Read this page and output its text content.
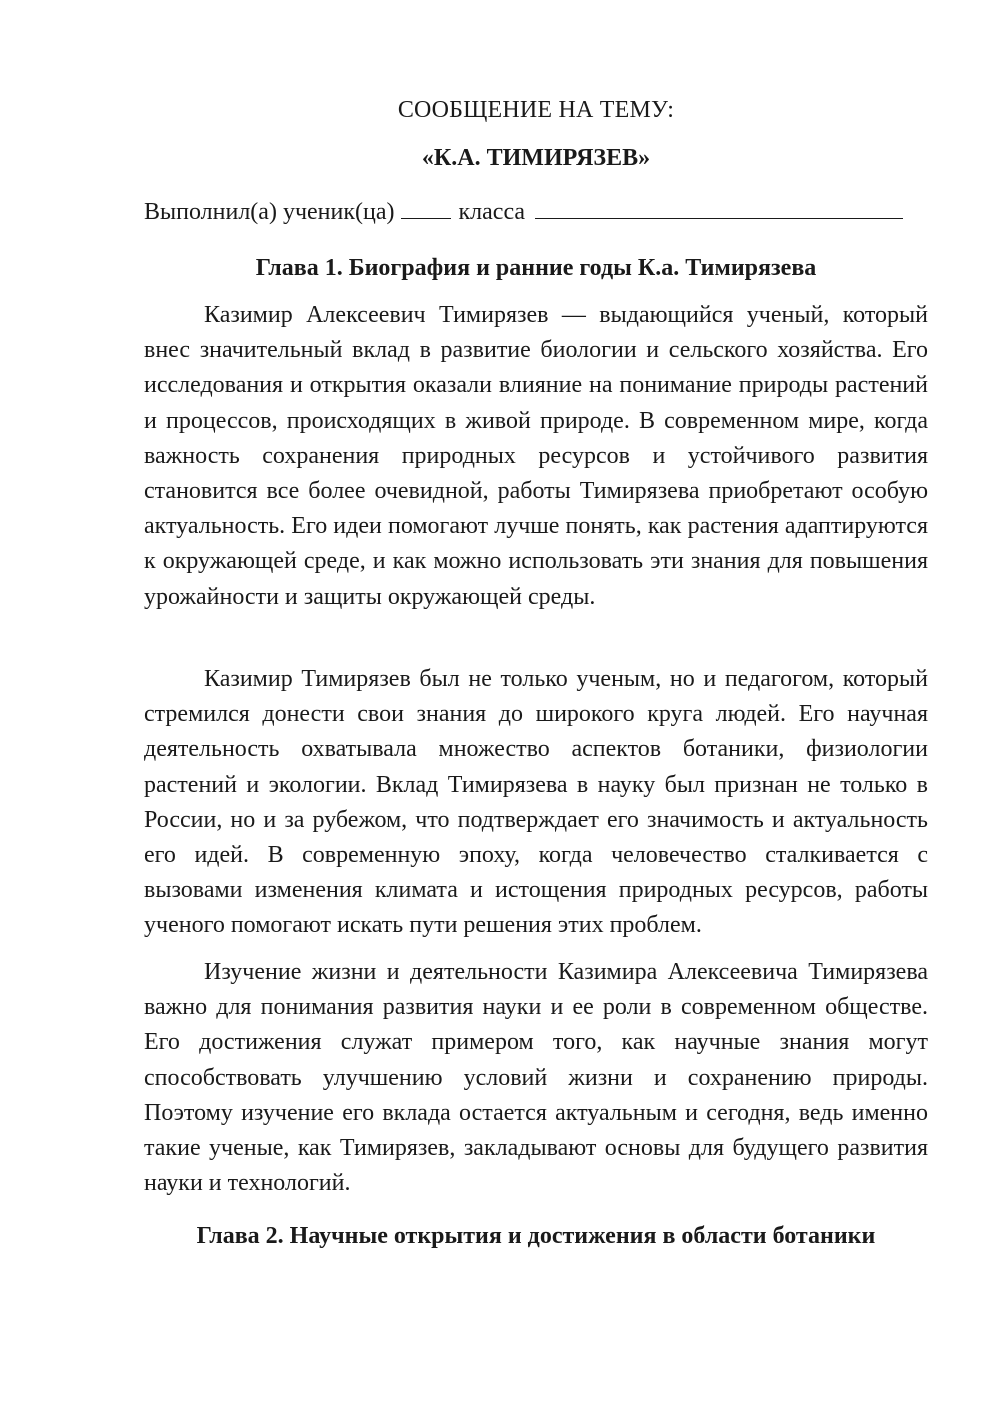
СООБЩЕНИЕ НА ТЕМУ:
«К.А. ТИМИРЯЗЕВ»
Выполнил(а) ученик(ца)	класса
Глава 1. Биография и ранние годы К.а. Тимирязева

Казимир Алексеевич Тимирязев — выдающийся ученый, который внес значительный вклад в развитие биологии и сельского хозяйства. Его исследования и открытия оказали влияние на понимание природы растений и процессов, происходящих в живой природе. В современном мире, когда важность сохранения природных ресурсов и устойчивого развития становится все более очевидной, работы Тимирязева приобретают особую актуальность. Его идеи помогают лучше понять, как растения адаптируются к окружающей среде, и как можно использовать эти знания для повышения урожайности и защиты окружающей среды.

Казимир Тимирязев был не только ученым, но и педагогом, который стремился донести свои знания до широкого круга людей. Его научная деятельность охватывала множество аспектов ботаники, физиологии растений и экологии. Вклад Тимирязева в науку был признан не только в России, но и за рубежом, что подтверждает его значимость и актуальность его идей. В современную эпоху, когда человечество сталкивается с вызовами изменения климата и истощения природных ресурсов, работы ученого помогают искать пути решения этих проблем.

Изучение жизни и деятельности Казимира Алексеевича Тимирязева важно для понимания развития науки и ее роли в современном обществе. Его достижения служат примером того, как научные знания могут способствовать улучшению условий жизни и сохранению природы. Поэтому изучение его вклада остается актуальным и сегодня, ведь именно такие ученые, как Тимирязев, закладывают основы для будущего развития науки и технологий.

Глава 2. Научные открытия и достижения в области ботаники
